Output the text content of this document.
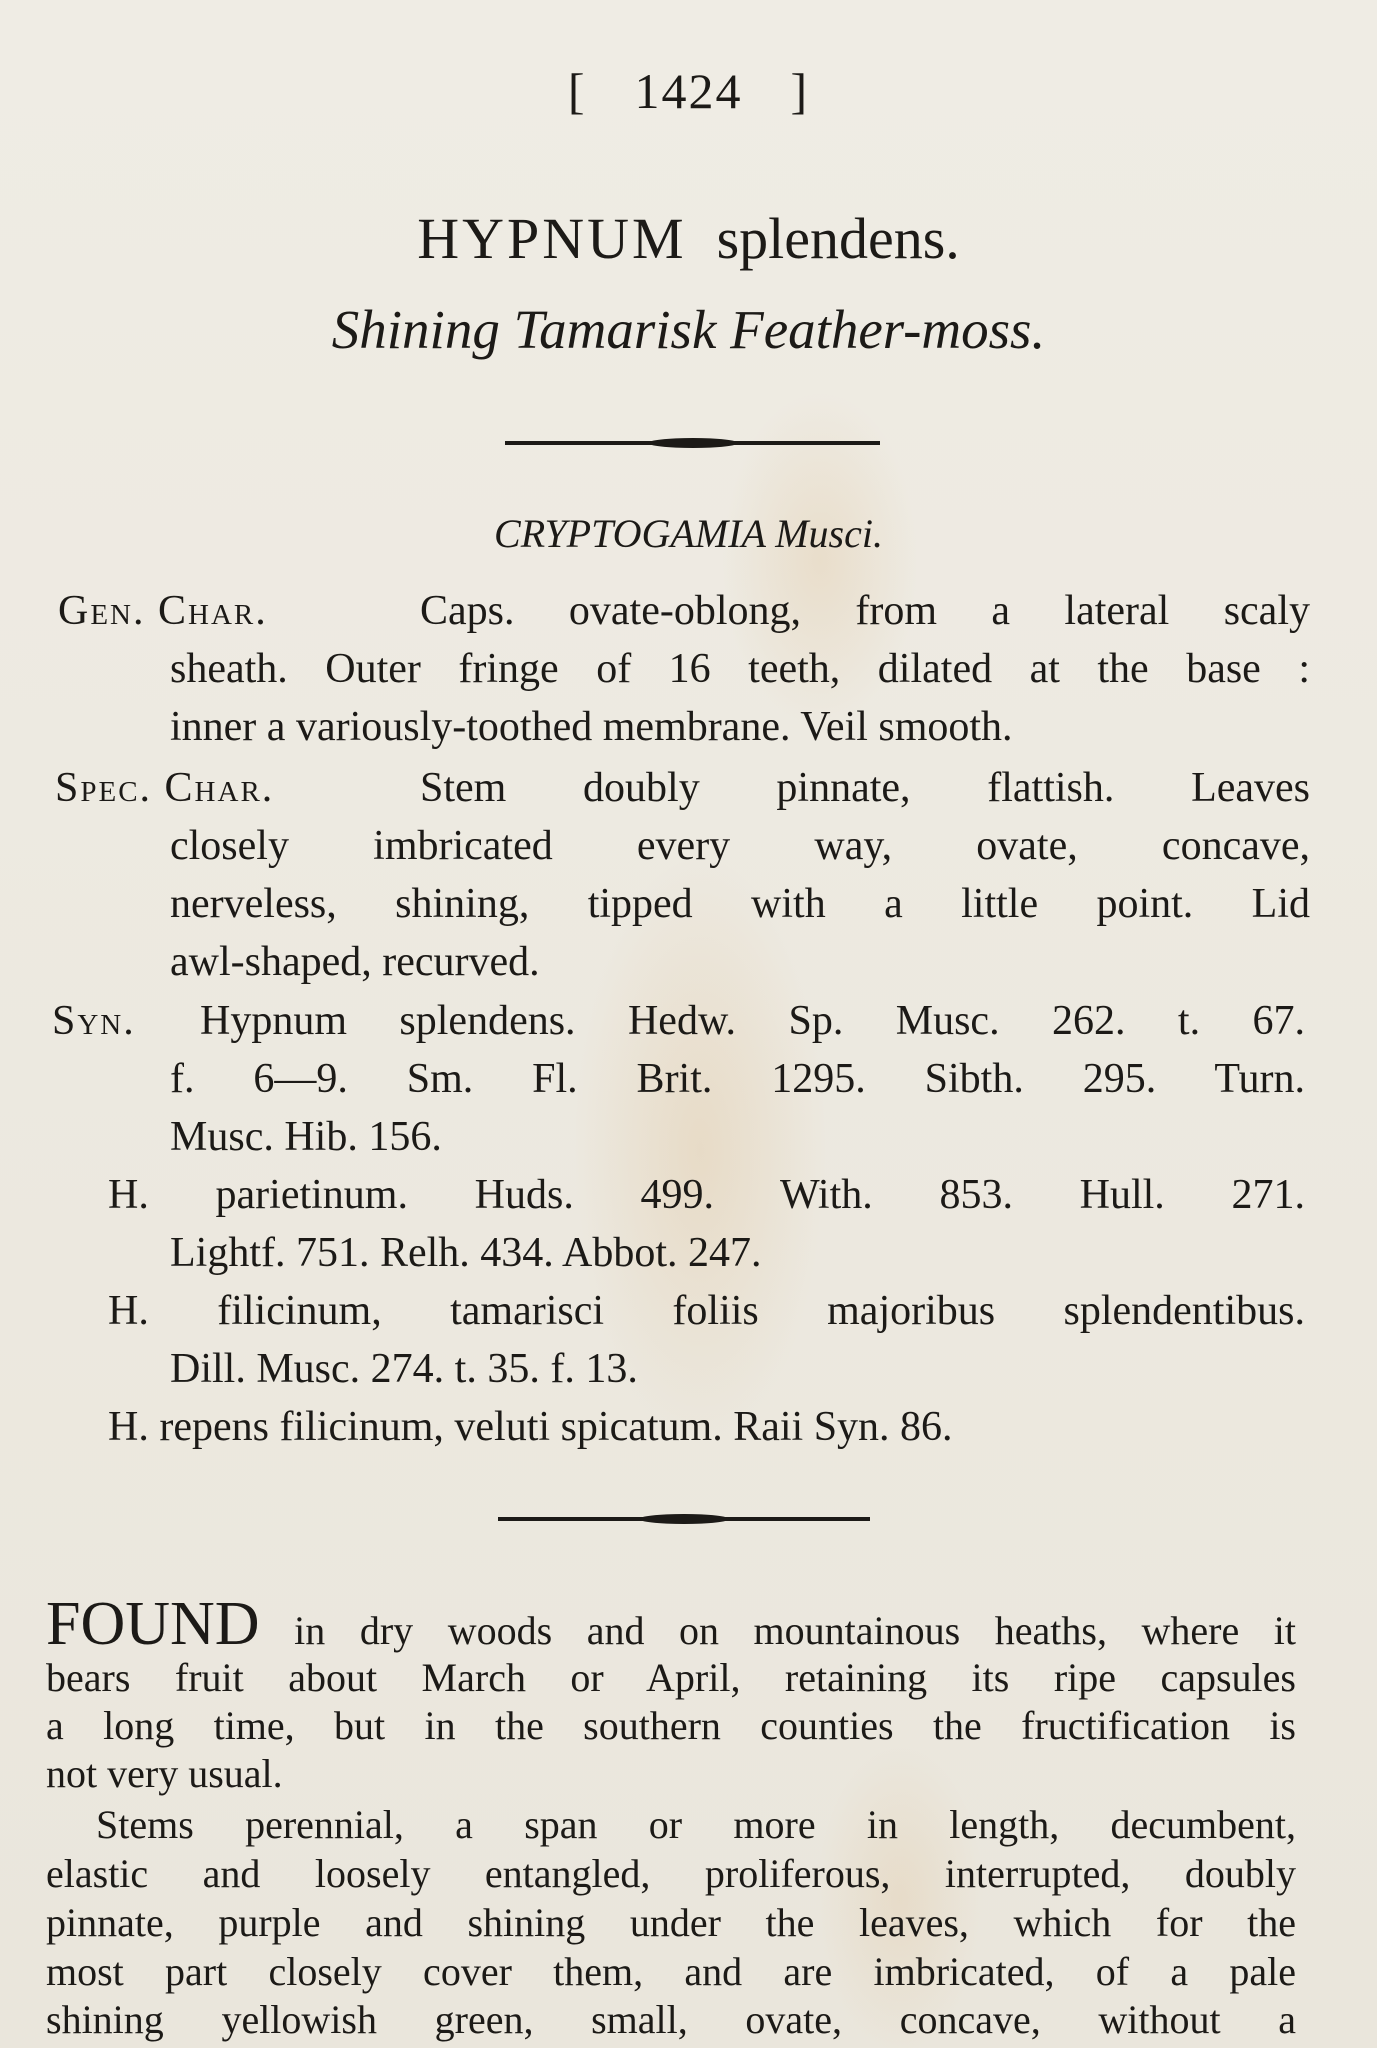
[ 1424 ]
HYPNUM splendens.
Shining Tamarisk Feather-moss.
CRYPTOGAMIA Musci.
Gen. Char.	Caps. ovate-oblong, from a lateral scaly
sheath. Outer fringe of 16 teeth, dilated at the base :
inner a variously-toothed membrane. Veil smooth.
Spec. Char.	Stem doubly pinnate, flattish. Leaves
closely imbricated every way, ovate, concave,
nerveless, shining, tipped with a little point. Lid
awl-shaped, recurved.
Syn. Hypnum splendens. Hedw. Sp. Musc. 262. t. 67.
f. 6—9. Sm. Fl. Brit. 1295. Sibth. 295. Turn.
Musc. Hib. 156.
H. parietinum. Huds. 499. With. 853. Hull. 271.
Lightf. 751. Relh. 434. Abbot. 247.
H. filicinum, tamarisci foliis majoribus splendentibus.
Dill. Musc. 274. t. 35. f. 13.
H. repens filicinum, veluti spicatum. Raii Syn. 86.
FOUND in dry woods and on mountainous heaths, where it
bears fruit about March or April, retaining its ripe capsules
a long time, but in the southern counties the fructification is
not very usual.
Stems perennial, a span or more in length, decumbent,
elastic and loosely entangled, proliferous, interrupted, doubly
pinnate, purple and shining under the leaves, which for the
most part closely cover them, and are imbricated, of a pale
shining yellowish green, small, ovate, concave, without a
